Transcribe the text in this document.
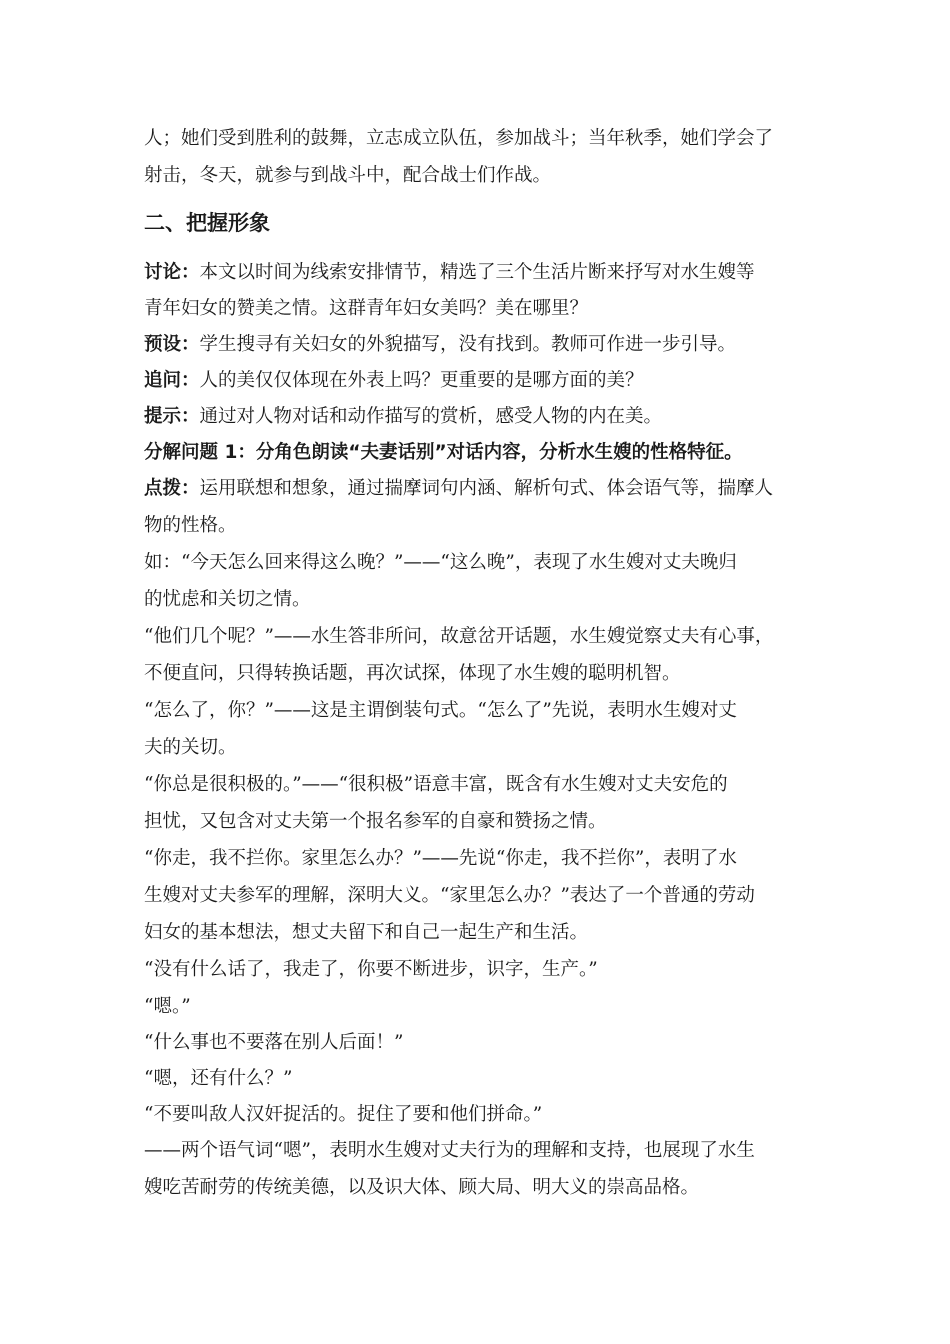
人；她们受到胜利的鼓舞，立志成立队伍，参加战斗；当年秋季，她们学会了
射击，冬天，就参与到战斗中，配合战士们作战。
二、把握形象
讨论：本文以时间为线索安排情节，精选了三个生活片断来抒写对水生嫂等
青年妇女的赞美之情。这群青年妇女美吗？美在哪里？
预设：学生搜寻有关妇女的外貌描写，没有找到。教师可作进一步引导。
追问：人的美仅仅体现在外表上吗？更重要的是哪方面的美？
提示：通过对人物对话和动作描写的赏析，感受人物的内在美。
分解问题 1：分角色朗读“夫妻话别”对话内容，分析水生嫂的性格特征。
点拨：运用联想和想象，通过揣摩词句内涵、解析句式、体会语气等，揣摩人
物的性格。
如：“今天怎么回来得这么晚？”——“这么晚”，表现了水生嫂对丈夫晚归
的忧虑和关切之情。
“他们几个呢？”——水生答非所问，故意岔开话题，水生嫂觉察丈夫有心事，
不便直问，只得转换话题，再次试探，体现了水生嫂的聪明机智。
“怎么了，你？”——这是主谓倒装句式。“怎么了”先说，表明水生嫂对丈
夫的关切。
“你总是很积极的。”——“很积极”语意丰富，既含有水生嫂对丈夫安危的
担忧，又包含对丈夫第一个报名参军的自豪和赞扬之情。
“你走，我不拦你。家里怎么办？”——先说“你走，我不拦你”，表明了水
生嫂对丈夫参军的理解，深明大义。“家里怎么办？”表达了一个普通的劳动
妇女的基本想法，想丈夫留下和自己一起生产和生活。
“没有什么话了，我走了，你要不断进步，识字，生产。”
“嗯。”
“什么事也不要落在别人后面！”
“嗯，还有什么？”
“不要叫敌人汉奸捉活的。捉住了要和他们拼命。”
——两个语气词“嗯”，表明水生嫂对丈夫行为的理解和支持，也展现了水生
嫂吃苦耐劳的传统美德，以及识大体、顾大局、明大义的崇高品格。
